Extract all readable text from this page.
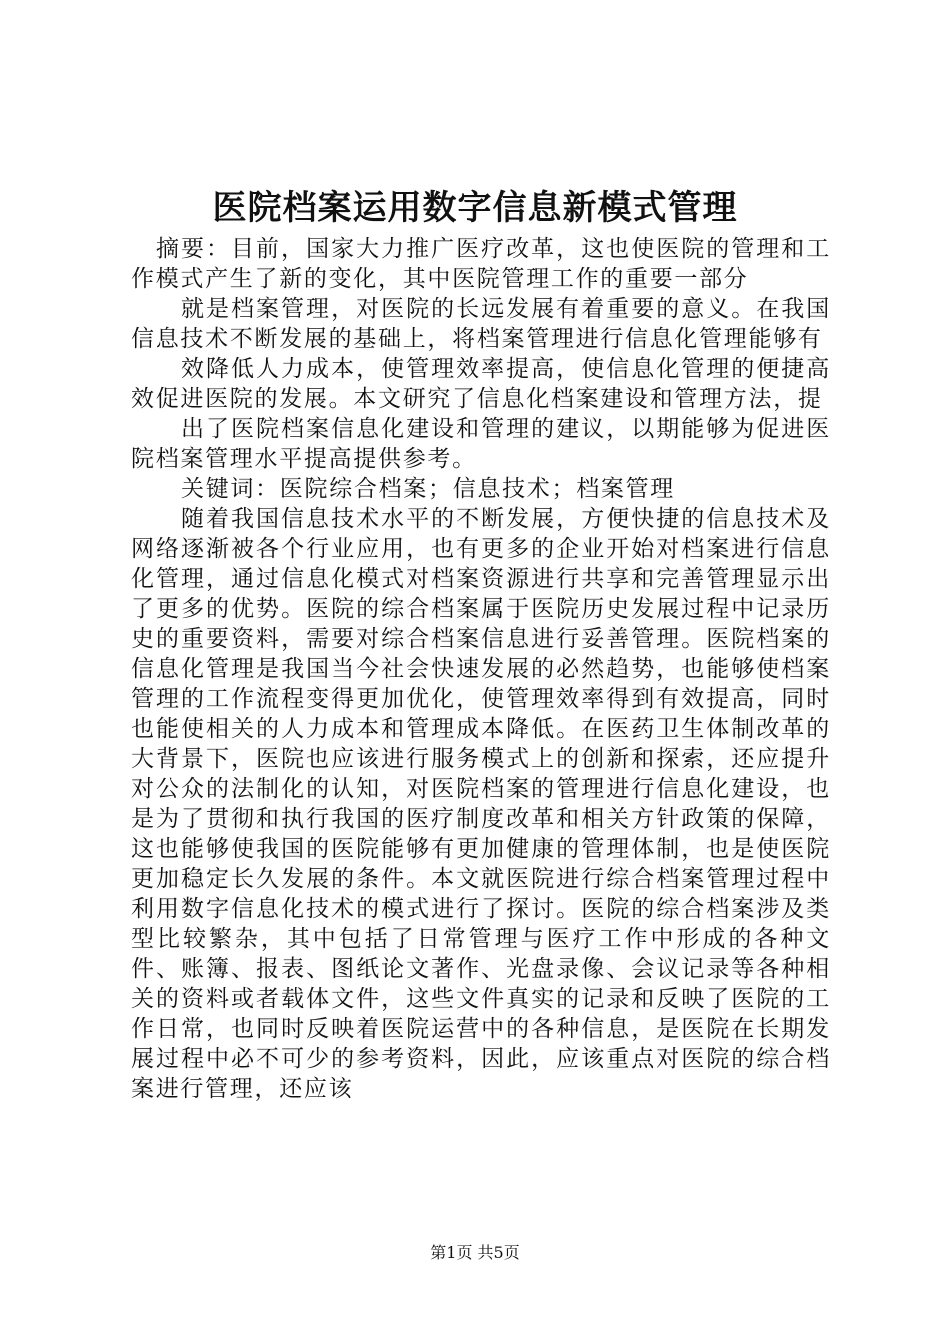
医院档案运用数字信息新模式管理

摘要：目前，国家大力推广医疗改革，这也使医院的管理和工作模式产生了新的变化，其中医院管理工作的重要一部分

就是档案管理，对医院的长远发展有着重要的意义。在我国信息技术不断发展的基础上，将档案管理进行信息化管理能够有

效降低人力成本，使管理效率提高，使信息化管理的便捷高效促进医院的发展。本文研究了信息化档案建设和管理方法，提

出了医院档案信息化建设和管理的建议，以期能够为促进医院档案管理水平提高提供参考。

关键词：医院综合档案；信息技术；档案管理

随着我国信息技术水平的不断发展，方便快捷的信息技术及网络逐渐被各个行业应用，也有更多的企业开始对档案进行信息化管理，通过信息化模式对档案资源进行共享和完善管理显示出了更多的优势。医院的综合档案属于医院历史发展过程中记录历史的重要资料，需要对综合档案信息进行妥善管理。医院档案的信息化管理是我国当今社会快速发展的必然趋势，也能够使档案管理的工作流程变得更加优化，使管理效率得到有效提高，同时也能使相关的人力成本和管理成本降低。在医药卫生体制改革的大背景下，医院也应该进行服务模式上的创新和探索，还应提升对公众的法制化的认知，对医院档案的管理进行信息化建设，也是为了贯彻和执行我国的医疗制度改革和相关方针政策的保障，这也能够使我国的医院能够有更加健康的管理体制，也是使医院更加稳定长久发展的条件。本文就医院进行综合档案管理过程中利用数字信息化技术的模式进行了探讨。医院的综合档案涉及类型比较繁杂，其中包括了日常管理与医疗工作中形成的各种文件、账簿、报表、图纸论文著作、光盘录像、会议记录等各种相关的资料或者载体文件，这些文件真实的记录和反映了医院的工作日常，也同时反映着医院运营中的各种信息，是医院在长期发展过程中必不可少的参考资料，因此，应该重点对医院的综合档案进行管理，还应该

第1页 共5页
